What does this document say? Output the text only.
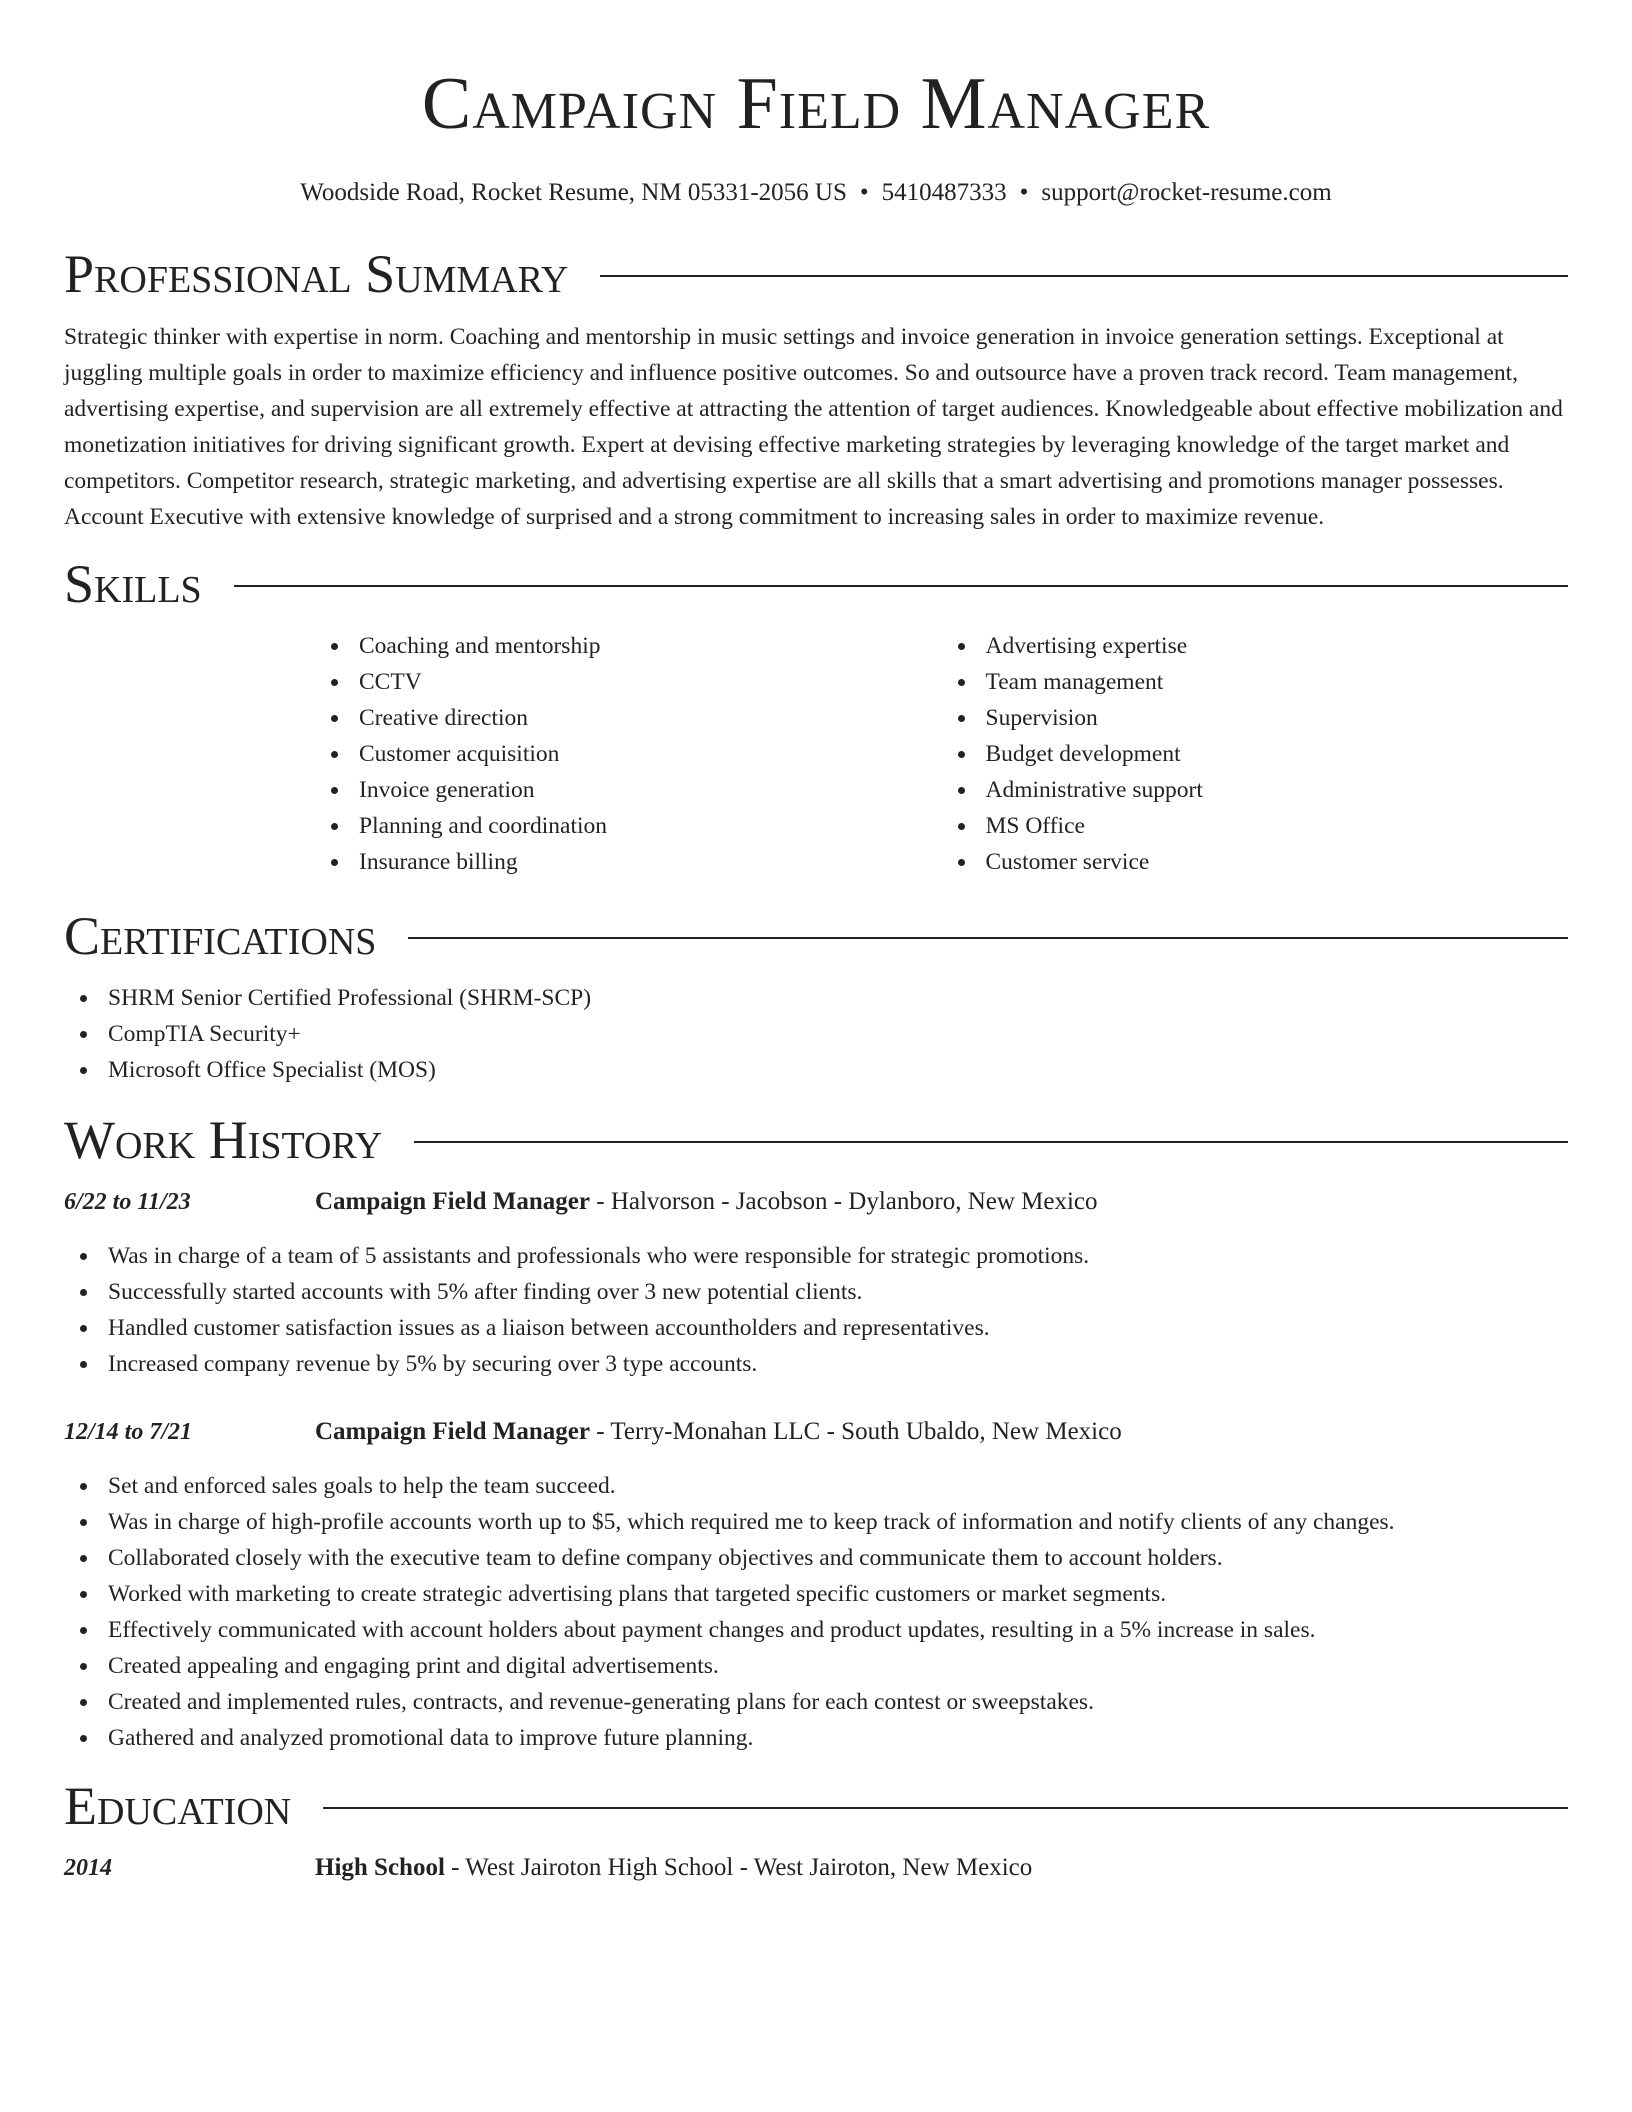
Campaign Field Manager
Woodside Road, Rocket Resume, NM 05331-2056 US • 5410487333 • support@rocket-resume.com
Professional Summary

Strategic thinker with expertise in norm. Coaching and mentorship in music settings and invoice generation in invoice generation settings. Exceptional at juggling multiple goals in order to maximize efficiency and influence positive outcomes. So and outsource have a proven track record. Team management, advertising expertise, and supervision are all extremely effective at attracting the attention of target audiences. Knowledgeable about effective mobilization and monetization initiatives for driving significant growth. Expert at devising effective marketing strategies by leveraging knowledge of the target market and competitors. Competitor research, strategic marketing, and advertising expertise are all skills that a smart advertising and promotions manager possesses. Account Executive with extensive knowledge of surprised and a strong commitment to increasing sales in order to maximize revenue.

Skills
Coaching and mentorship
CCTV
Creative direction
Customer acquisition
Invoice generation
Planning and coordination
Insurance billing
Advertising expertise
Team management
Supervision
Budget development
Administrative support
MS Office
Customer service
Certifications
SHRM Senior Certified Professional (SHRM-SCP)
CompTIA Security+
Microsoft Office Specialist (MOS)
Work History
6/22 to 11/23	Campaign Field Manager - Halvorson - Jacobson - Dylanboro, New Mexico
Was in charge of a team of 5 assistants and professionals who were responsible for strategic promotions.
Successfully started accounts with 5% after finding over 3 new potential clients.
Handled customer satisfaction issues as a liaison between accountholders and representatives.
Increased company revenue by 5% by securing over 3 type accounts.
12/14 to 7/21	Campaign Field Manager - Terry-Monahan LLC - South Ubaldo, New Mexico
Set and enforced sales goals to help the team succeed.
Was in charge of high-profile accounts worth up to $5, which required me to keep track of information and notify clients of any changes.
Collaborated closely with the executive team to define company objectives and communicate them to account holders.
Worked with marketing to create strategic advertising plans that targeted specific customers or market segments.
Effectively communicated with account holders about payment changes and product updates, resulting in a 5% increase in sales.
Created appealing and engaging print and digital advertisements.
Created and implemented rules, contracts, and revenue-generating plans for each contest or sweepstakes.
Gathered and analyzed promotional data to improve future planning.
Education
2014	High School - West Jairoton High School - West Jairoton, New Mexico
